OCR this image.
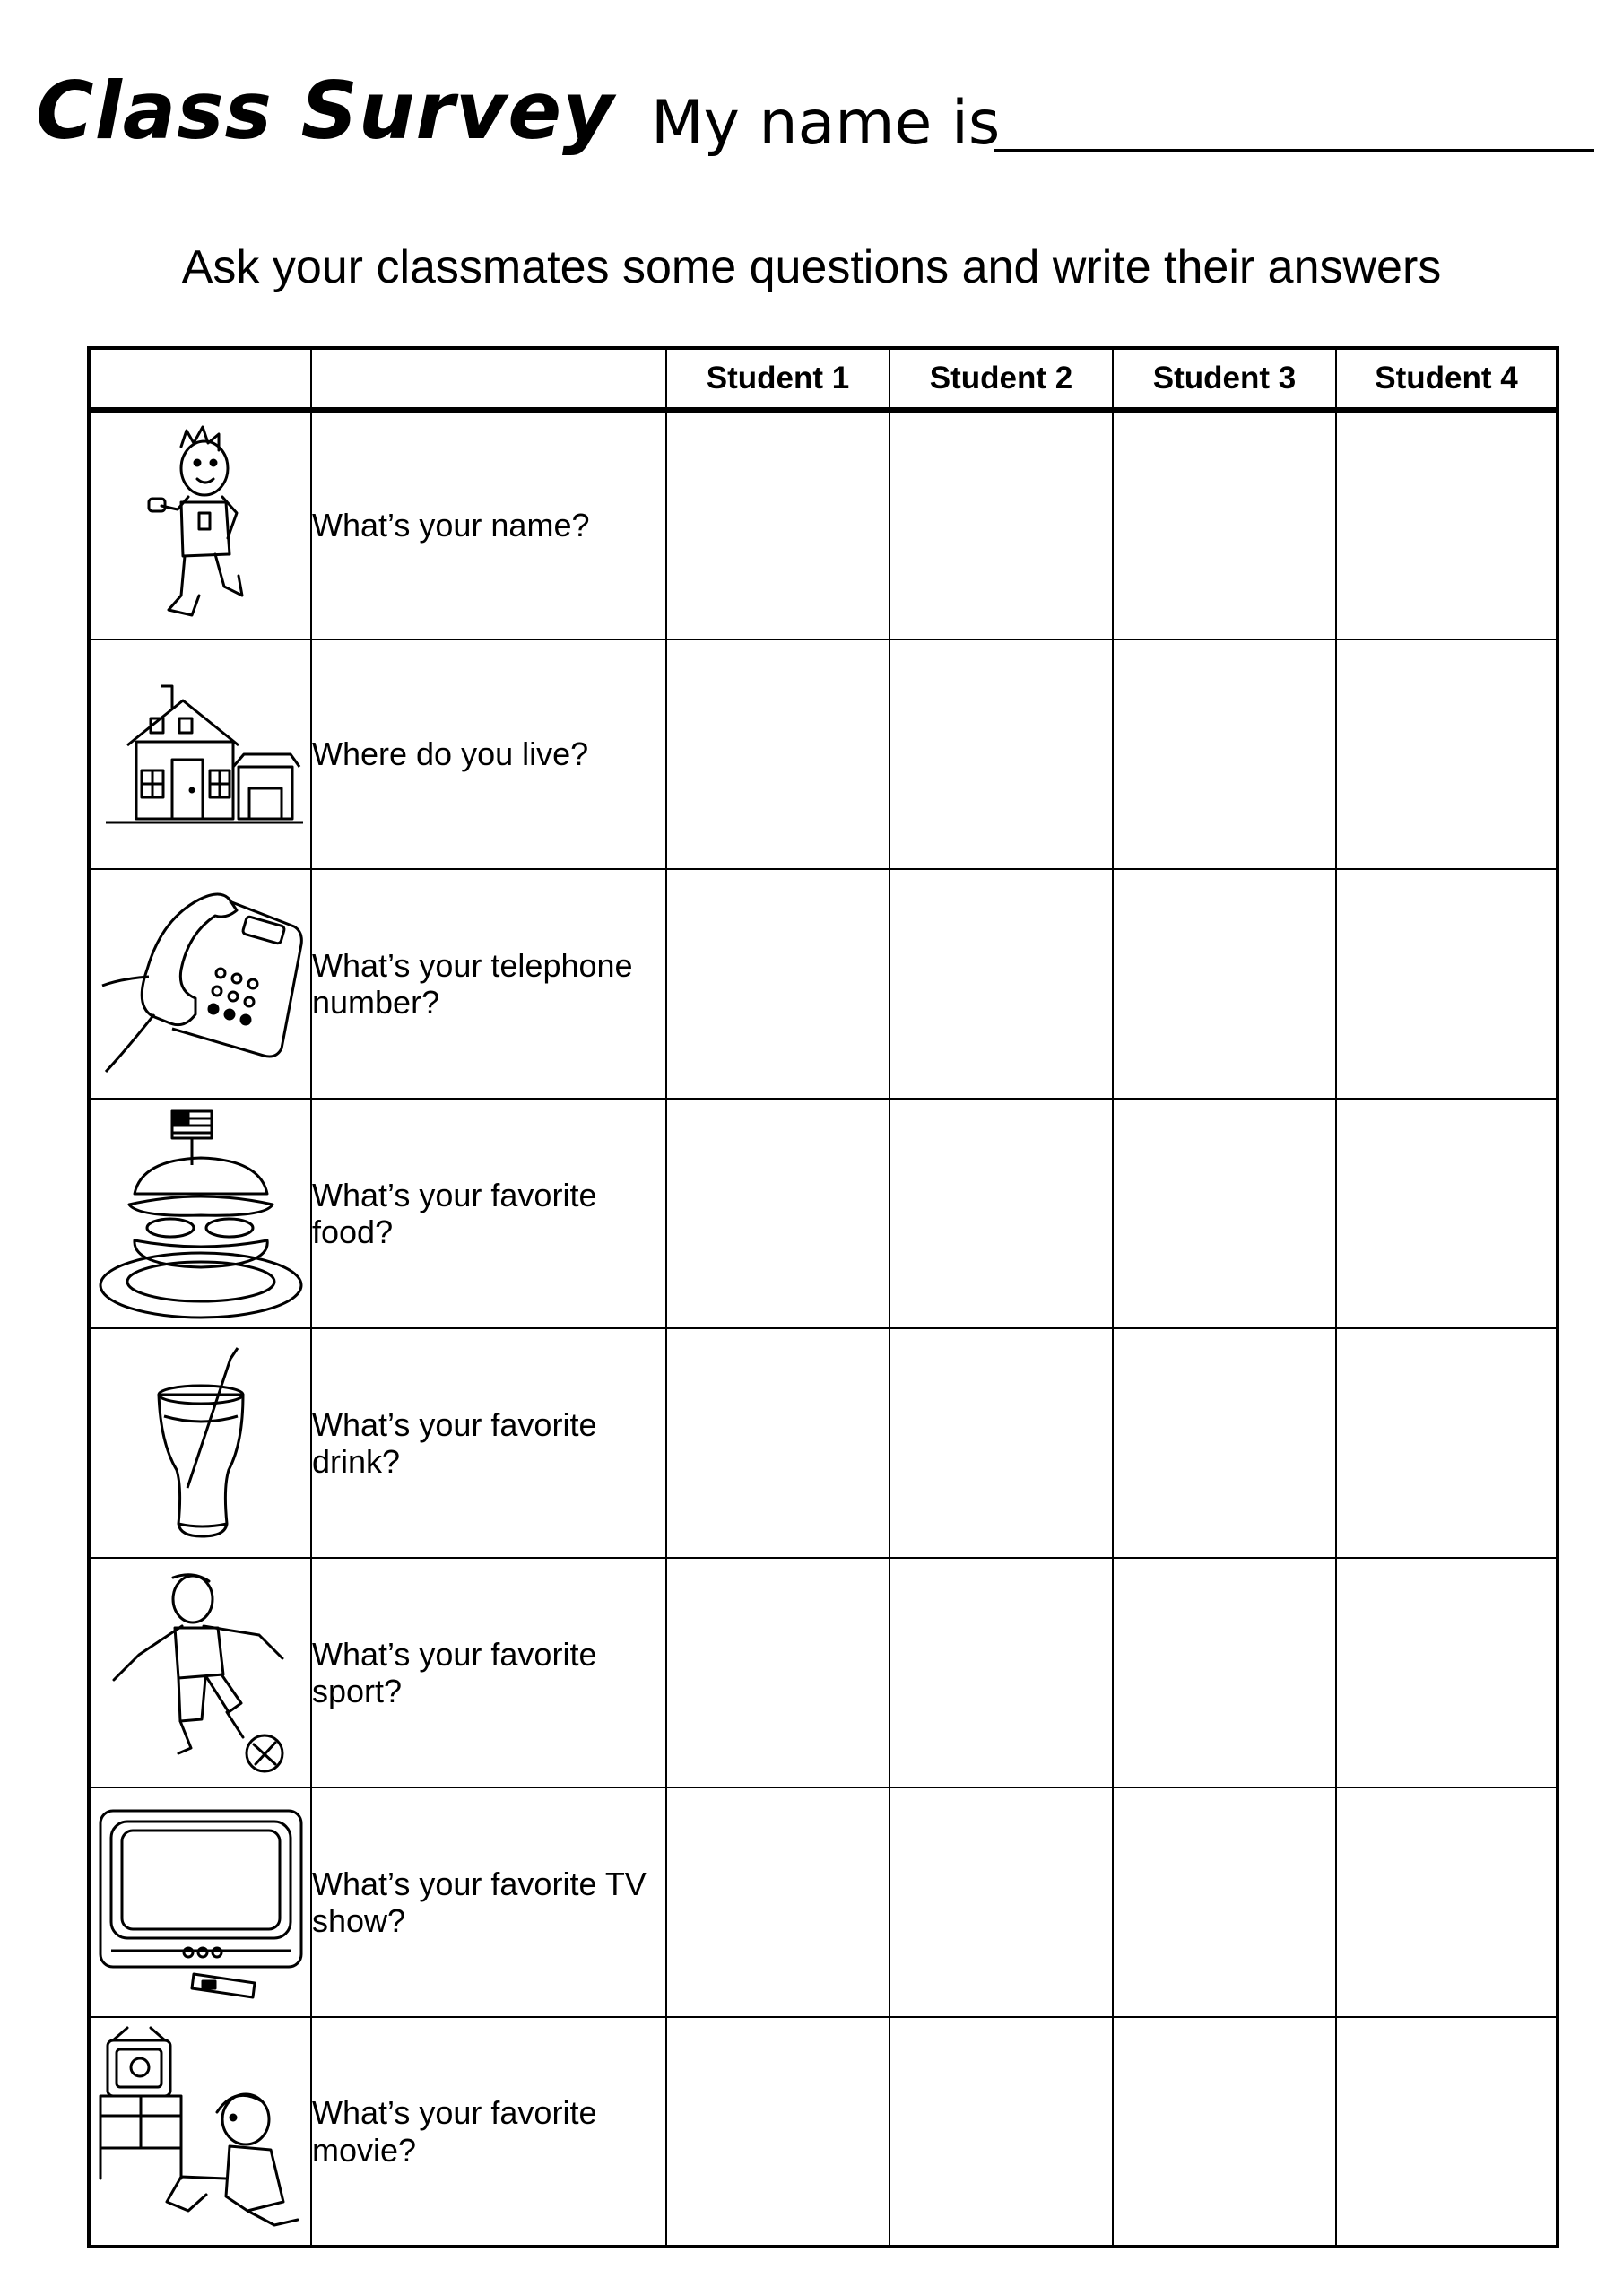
Class Survey My name is
Ask your classmates some questions and write their answers
		Student 1	Student 2	Student 3	Student 4

	What’s your name?				

	Where do you live?				

	What’s your telephone number?				

	What’s your favorite food?				

	What’s your favorite drink?				

	What’s your favorite sport?				

	What’s your favorite TV show?				

	What’s your favorite movie?				
